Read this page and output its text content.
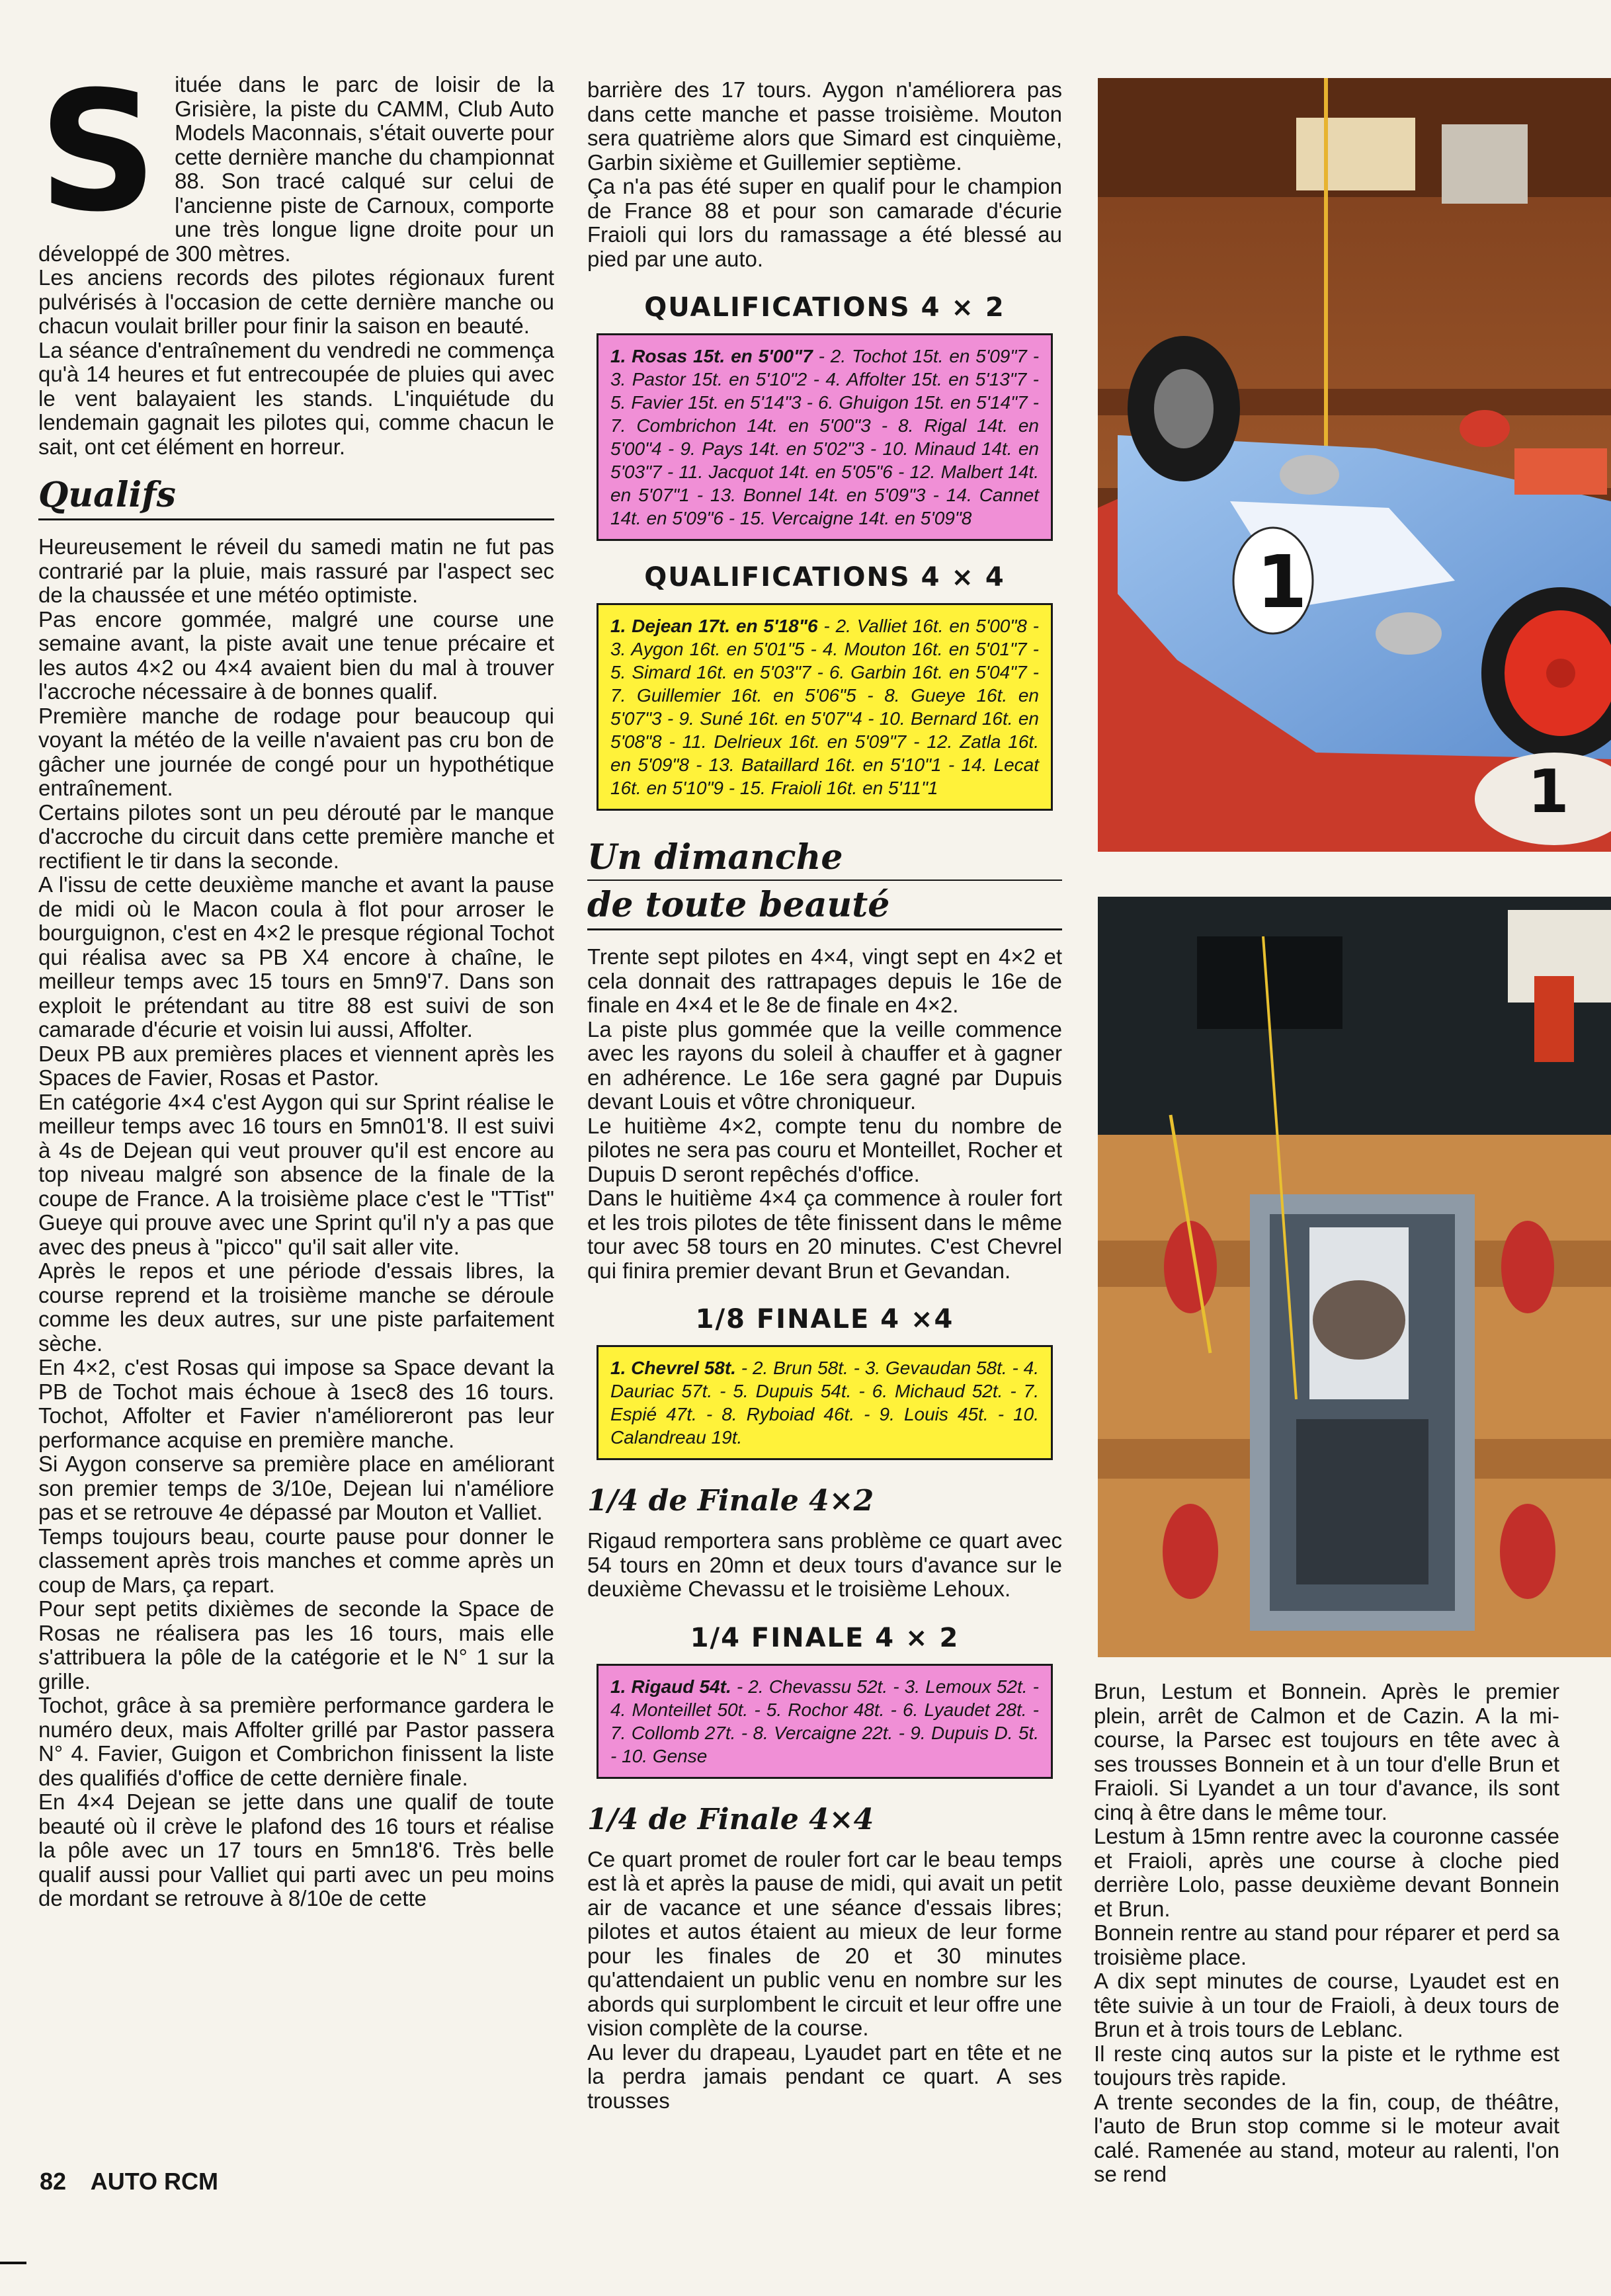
S ituée dans le parc de loisir de la Grisière, la piste du CAMM, Club Auto Models Maconnais, s'était ouverte pour cette dernière manche du championnat 88. Son tracé calqué sur celui de l'ancienne piste de Carnoux, comporte une très longue ligne droite pour un développé de 300 mètres.

Les anciens records des pilotes régionaux furent pulvérisés à l'occasion de cette dernière manche ou chacun voulait briller pour finir la saison en beauté.

La séance d'entraînement du vendredi ne commença qu'à 14 heures et fut entrecoupée de pluies qui avec le vent balayaient les stands. L'inquiétude du lendemain gagnait les pilotes qui, comme chacun le sait, ont cet élément en horreur.

Qualifs

Heureusement le réveil du samedi matin ne fut pas contrarié par la pluie, mais rassuré par l'aspect sec de la chaussée et une météo optimiste.

Pas encore gommée, malgré une course une semaine avant, la piste avait une tenue précaire et les autos 4×2 ou 4×4 avaient bien du mal à trouver l'accroche nécessaire à de bonnes qualif.

Première manche de rodage pour beaucoup qui voyant la météo de la veille n'avaient pas cru bon de gâcher une journée de congé pour un hypothétique entraînement.

Certains pilotes sont un peu dérouté par le manque d'accroche du circuit dans cette première manche et rectifient le tir dans la seconde.

A l'issu de cette deuxième manche et avant la pause de midi où le Macon coula à flot pour arroser le bourguignon, c'est en 4×2 le presque régional Tochot qui réalisa avec sa PB X4 encore à chaîne, le meilleur temps avec 15 tours en 5mn9'7. Dans son exploit le prétendant au titre 88 est suivi de son camarade d'écurie et voisin lui aussi, Affolter.

Deux PB aux premières places et viennent après les Spaces de Favier, Rosas et Pastor.

En catégorie 4×4 c'est Aygon qui sur Sprint réalise le meilleur temps avec 16 tours en 5mn01'8. Il est suivi à 4s de Dejean qui veut prouver qu'il est encore au top niveau malgré son absence de la finale de la coupe de France. A la troisième place c'est le "TTist" Gueye qui prouve avec une Sprint qu'il n'y a pas que avec des pneus à "picco" qu'il sait aller vite.

Après le repos et une période d'essais libres, la course reprend et la troisième manche se déroule comme les deux autres, sur une piste parfaitement sèche.

En 4×2, c'est Rosas qui impose sa Space devant la PB de Tochot mais échoue à 1sec8 des 16 tours. Tochot, Affolter et Favier n'amélioreront pas leur performance acquise en première manche.

Si Aygon conserve sa première place en améliorant son premier temps de 3/10e, Dejean lui n'améliore pas et se retrouve 4e dépassé par Mouton et Valliet.

Temps toujours beau, courte pause pour donner le classement après trois manches et comme après un coup de Mars, ça repart.

Pour sept petits dixièmes de seconde la Space de Rosas ne réalisera pas les 16 tours, mais elle s'attribuera la pôle de la catégorie et le N° 1 sur la grille.

Tochot, grâce à sa première performance gardera le numéro deux, mais Affolter grillé par Pastor passera N° 4. Favier, Guigon et Combrichon finissent la liste des qualifiés d'office de cette dernière finale.

En 4×4 Dejean se jette dans une qualif de toute beauté où il crève le plafond des 16 tours et réalise la pôle avec un 17 tours en 5mn18'6. Très belle qualif aussi pour Valliet qui parti avec un peu moins de mordant se retrouve à 8/10e de cette

barrière des 17 tours. Aygon n'améliorera pas dans cette manche et passe troisième. Mouton sera quatrième alors que Simard est cinquième, Garbin sixième et Guillemier septième.

Ça n'a pas été super en qualif pour le champion de France 88 et pour son camarade d'écurie Fraioli qui lors du ramassage a été blessé au pied par une auto.

QUALIFICATIONS 4 × 2
1. Rosas 15t. en 5'00"7 - 2. Tochot 15t. en 5'09"7 - 3. Pastor 15t. en 5'10"2 - 4. Affolter 15t. en 5'13"7 - 5. Favier 15t. en 5'14"3 - 6. Ghuigon 15t. en 5'14"7 - 7. Combrichon 14t. en 5'00"3 - 8. Rigal 14t. en 5'00"4 - 9. Pays 14t. en 5'02"3 - 10. Minaud 14t. en 5'03"7 - 11. Jacquot 14t. en 5'05"6 - 12. Malbert 14t. en 5'07"1 - 13. Bonnel 14t. en 5'09"3 - 14. Cannet 14t. en 5'09"6 - 15. Vercaigne 14t. en 5'09"8
QUALIFICATIONS 4 × 4
1. Dejean 17t. en 5'18"6 - 2. Valliet 16t. en 5'00"8 - 3. Aygon 16t. en 5'01"5 - 4. Mouton 16t. en 5'01"7 - 5. Simard 16t. en 5'03"7 - 6. Garbin 16t. en 5'04"7 - 7. Guillemier 16t. en 5'06"5 - 8. Gueye 16t. en 5'07"3 - 9. Suné 16t. en 5'07"4 - 10. Bernard 16t. en 5'08"8 - 11. Delrieux 16t. en 5'09"7 - 12. Zatla 16t. en 5'09"8 - 13. Bataillard 16t. en 5'10"1 - 14. Lecat 16t. en 5'10"9 - 15. Fraioli 16t. en 5'11"1
Un dimanche
de toute beauté

Trente sept pilotes en 4×4, vingt sept en 4×2 et cela donnait des rattrapages depuis le 16e de finale en 4×4 et le 8e de finale en 4×2.

La piste plus gommée que la veille commence avec les rayons du soleil à chauffer et à gagner en adhérence. Le 16e sera gagné par Dupuis devant Louis et vôtre chroniqueur.

Le huitième 4×2, compte tenu du nombre de pilotes ne sera pas couru et Monteillet, Rocher et Dupuis D seront repêchés d'office.

Dans le huitième 4×4 ça commence à rouler fort et les trois pilotes de tête finissent dans le même tour avec 58 tours en 20 minutes. C'est Chevrel qui finira premier devant Brun et Gevandan.

1/8 FINALE 4 ×4
1. Chevrel 58t. - 2. Brun 58t. - 3. Gevaudan 58t. - 4. Dauriac 57t. - 5. Dupuis 54t. - 6. Michaud 52t. - 7. Espié 47t. - 8. Ryboiad 46t. - 9. Louis 45t. - 10. Calandreau 19t.
1/4 de Finale 4×2

Rigaud remportera sans problème ce quart avec 54 tours en 20mn et deux tours d'avance sur le deuxième Chevassu et le troisième Lehoux.

1/4 FINALE 4 × 2
1. Rigaud 54t. - 2. Chevassu 52t. - 3. Lemoux 52t. - 4. Monteillet 50t. - 5. Rochor 48t. - 6. Lyaudet 28t. - 7. Collomb 27t. - 8. Vercaigne 22t. - 9. Dupuis D. 5t. - 10. Gense
1/4 de Finale 4×4

Ce quart promet de rouler fort car le beau temps est là et après la pause de midi, qui avait un petit air de vacance et une séance d'essais libres; pilotes et autos étaient au mieux de leur forme pour les finales de 20 et 30 minutes qu'attendaient un public venu en nombre sur les abords qui surplombent le circuit et leur offre une vision complète de la course.

Au lever du drapeau, Lyaudet part en tête et ne la perdra jamais pendant ce quart. A ses trousses

1
1

Brun, Lestum et Bonnein. Après le premier plein, arrêt de Calmon et de Cazin. A la mi-course, la Parsec est toujours en tête avec à ses trousses Bonnein et à un tour d'elle Brun et Fraioli. Si Lyandet a un tour d'avance, ils sont cinq à être dans le même tour.

Lestum à 15mn rentre avec la couronne cassée et Fraioli, après une course à cloche pied derrière Lolo, passe deuxième devant Bonnein et Brun.

Bonnein rentre au stand pour réparer et perd sa troisième place.

A dix sept minutes de course, Lyaudet est en tête suivie à un tour de Fraioli, à deux tours de Brun et à trois tours de Leblanc.

Il reste cinq autos sur la piste et le rythme est toujours très rapide.

A trente secondes de la fin, coup, de théâtre, l'auto de Brun stop comme si le moteur avait calé. Ramenée au stand, moteur au ralenti, l'on se rend

82 AUTO RCM
